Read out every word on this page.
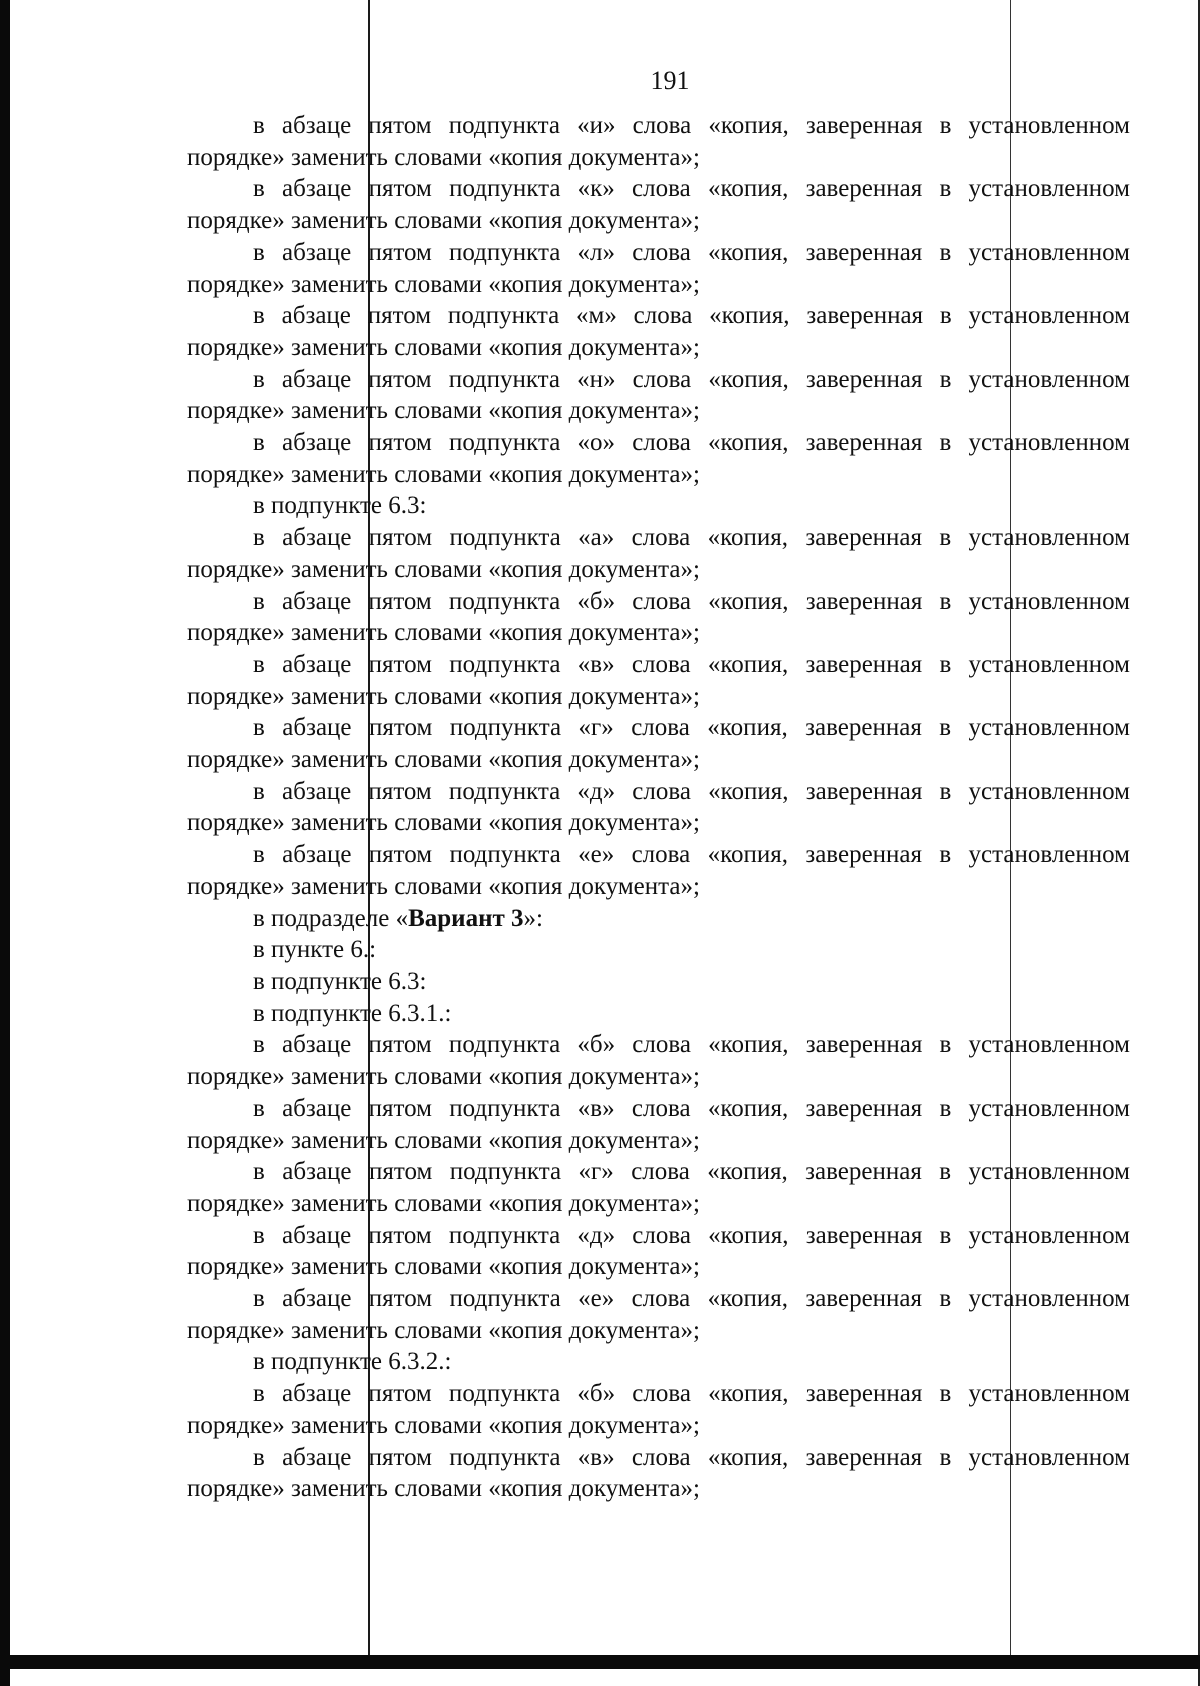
191

в абзаце пятом подпункта «и» слова «копия, заверенная в установленном порядке» заменить словами «копия документа»;

в абзаце пятом подпункта «к» слова «копия, заверенная в установленном порядке» заменить словами «копия документа»;

в абзаце пятом подпункта «л» слова «копия, заверенная в установленном порядке» заменить словами «копия документа»;

в абзаце пятом подпункта «м» слова «копия, заверенная в установленном порядке» заменить словами «копия документа»;

в абзаце пятом подпункта «н» слова «копия, заверенная в установленном порядке» заменить словами «копия документа»;

в абзаце пятом подпункта «о» слова «копия, заверенная в установленном порядке» заменить словами «копия документа»;

в подпункте 6.3:

в абзаце пятом подпункта «а» слова «копия, заверенная в установленном порядке» заменить словами «копия документа»;

в абзаце пятом подпункта «б» слова «копия, заверенная в установленном порядке» заменить словами «копия документа»;

в абзаце пятом подпункта «в» слова «копия, заверенная в установленном порядке» заменить словами «копия документа»;

в абзаце пятом подпункта «г» слова «копия, заверенная в установленном порядке» заменить словами «копия документа»;

в абзаце пятом подпункта «д» слова «копия, заверенная в установленном порядке» заменить словами «копия документа»;

в абзаце пятом подпункта «е» слова «копия, заверенная в установленном порядке» заменить словами «копия документа»;

в подразделе «Вариант 3»:

в пункте 6.:

в подпункте 6.3:

в подпункте 6.3.1.:

в абзаце пятом подпункта «б» слова «копия, заверенная в установленном порядке» заменить словами «копия документа»;

в абзаце пятом подпункта «в» слова «копия, заверенная в установленном порядке» заменить словами «копия документа»;

в абзаце пятом подпункта «г» слова «копия, заверенная в установленном порядке» заменить словами «копия документа»;

в абзаце пятом подпункта «д» слова «копия, заверенная в установленном порядке» заменить словами «копия документа»;

в абзаце пятом подпункта «е» слова «копия, заверенная в установленном порядке» заменить словами «копия документа»;

в подпункте 6.3.2.:

в абзаце пятом подпункта «б» слова «копия, заверенная в установленном порядке» заменить словами «копия документа»;

в абзаце пятом подпункта «в» слова «копия, заверенная в установленном порядке» заменить словами «копия документа»;
